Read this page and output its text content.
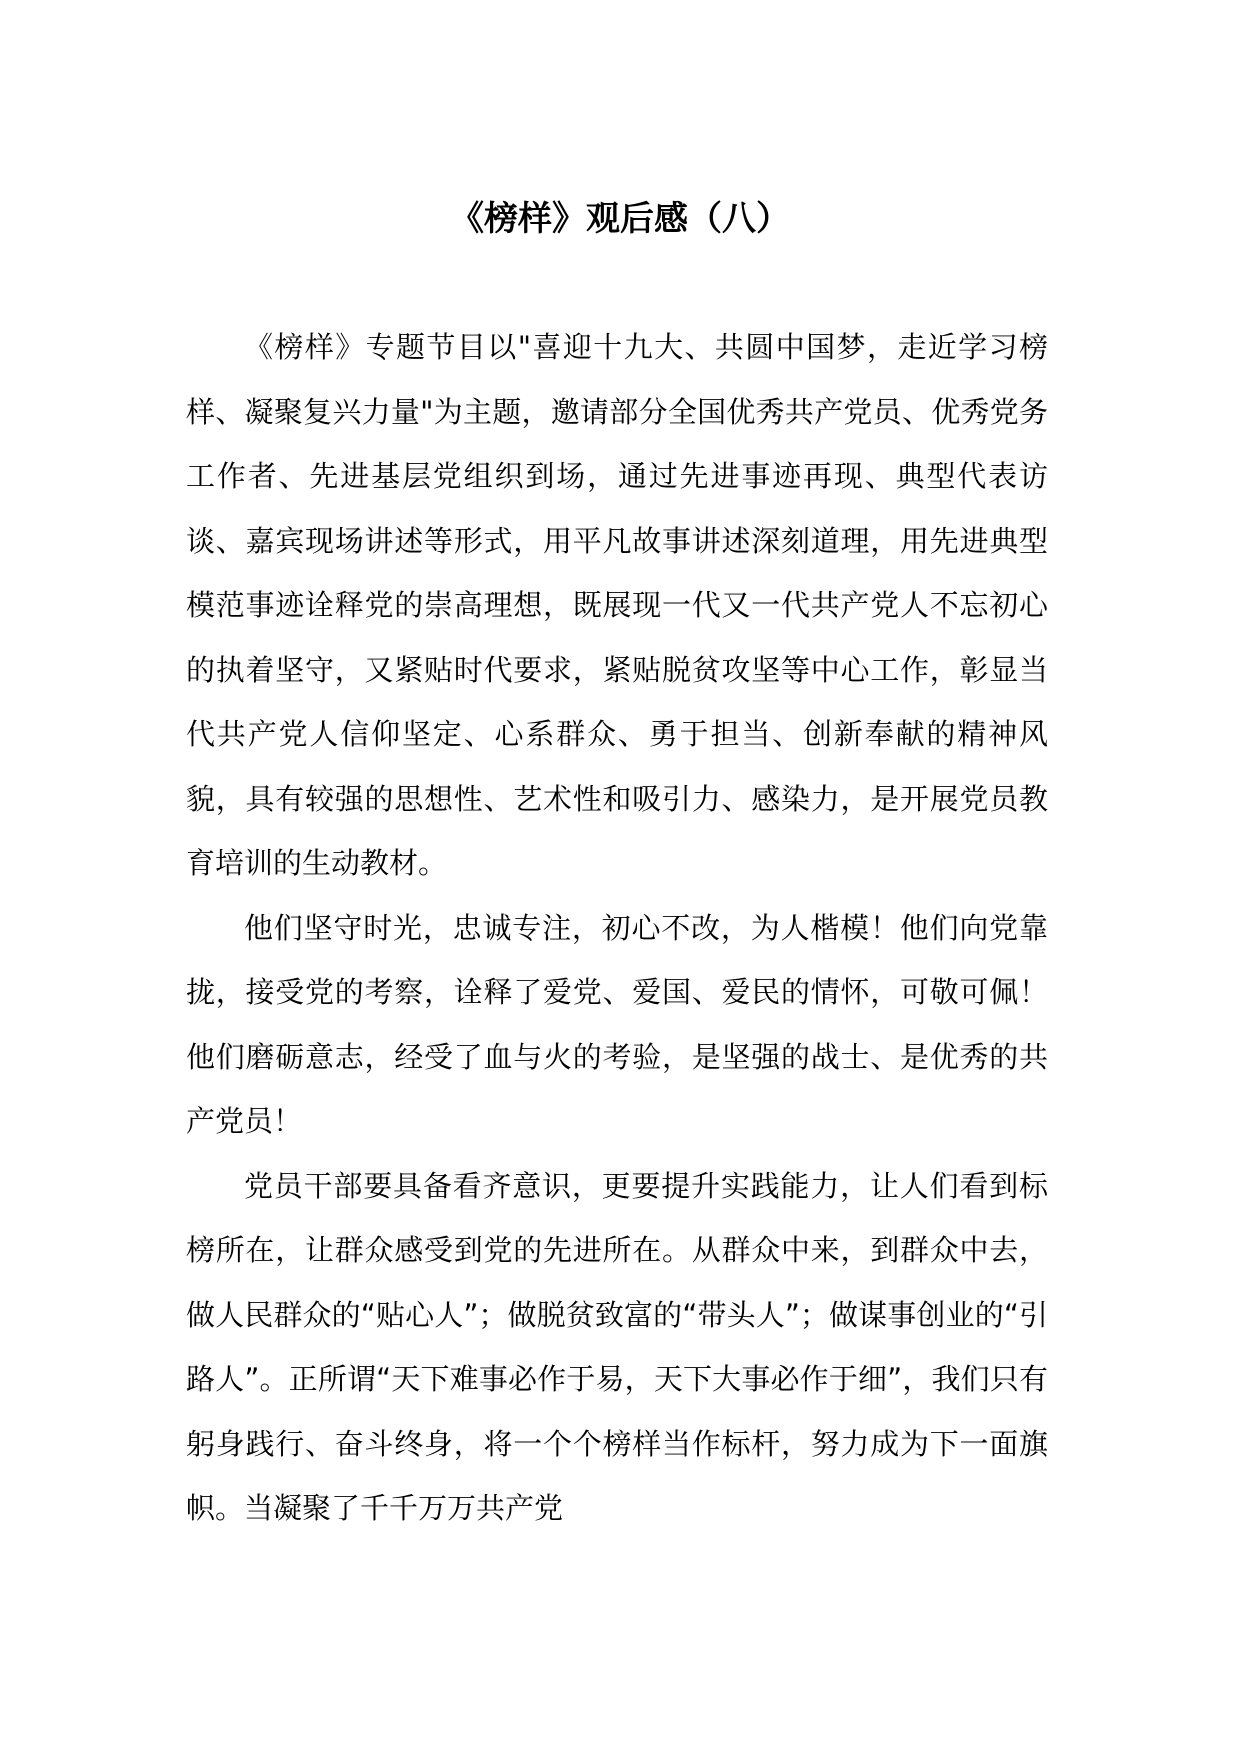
《榜样》观后感（八）

《榜样》专题节目以"喜迎十九大、共圆中国梦，走近学习榜样、凝聚复兴力量"为主题，邀请部分全国优秀共产党员、优秀党务工作者、先进基层党组织到场，通过先进事迹再现、典型代表访谈、嘉宾现场讲述等形式，用平凡故事讲述深刻道理，用先进典型模范事迹诠释党的崇高理想，既展现一代又一代共产党人不忘初心的执着坚守，又紧贴时代要求，紧贴脱贫攻坚等中心工作，彰显当代共产党人信仰坚定、心系群众、勇于担当、创新奉献的精神风貌，具有较强的思想性、艺术性和吸引力、感染力，是开展党员教育培训的生动教材。

他们坚守时光，忠诚专注，初心不改，为人楷模！他们向党靠拢，接受党的考察，诠释了爱党、爱国、爱民的情怀，可敬可佩！他们磨砺意志，经受了血与火的考验，是坚强的战士、是优秀的共产党员！

党员干部要具备看齐意识，更要提升实践能力，让人们看到标榜所在，让群众感受到党的先进所在。从群众中来，到群众中去，做人民群众的“贴心人”；做脱贫致富的“带头人”；做谋事创业的“引路人”。正所谓“天下难事必作于易，天下大事必作于细”，我们只有躬身践行、奋斗终身，将一个个榜样当作标杆，努力成为下一面旗帜。当凝聚了千千万万共产党
